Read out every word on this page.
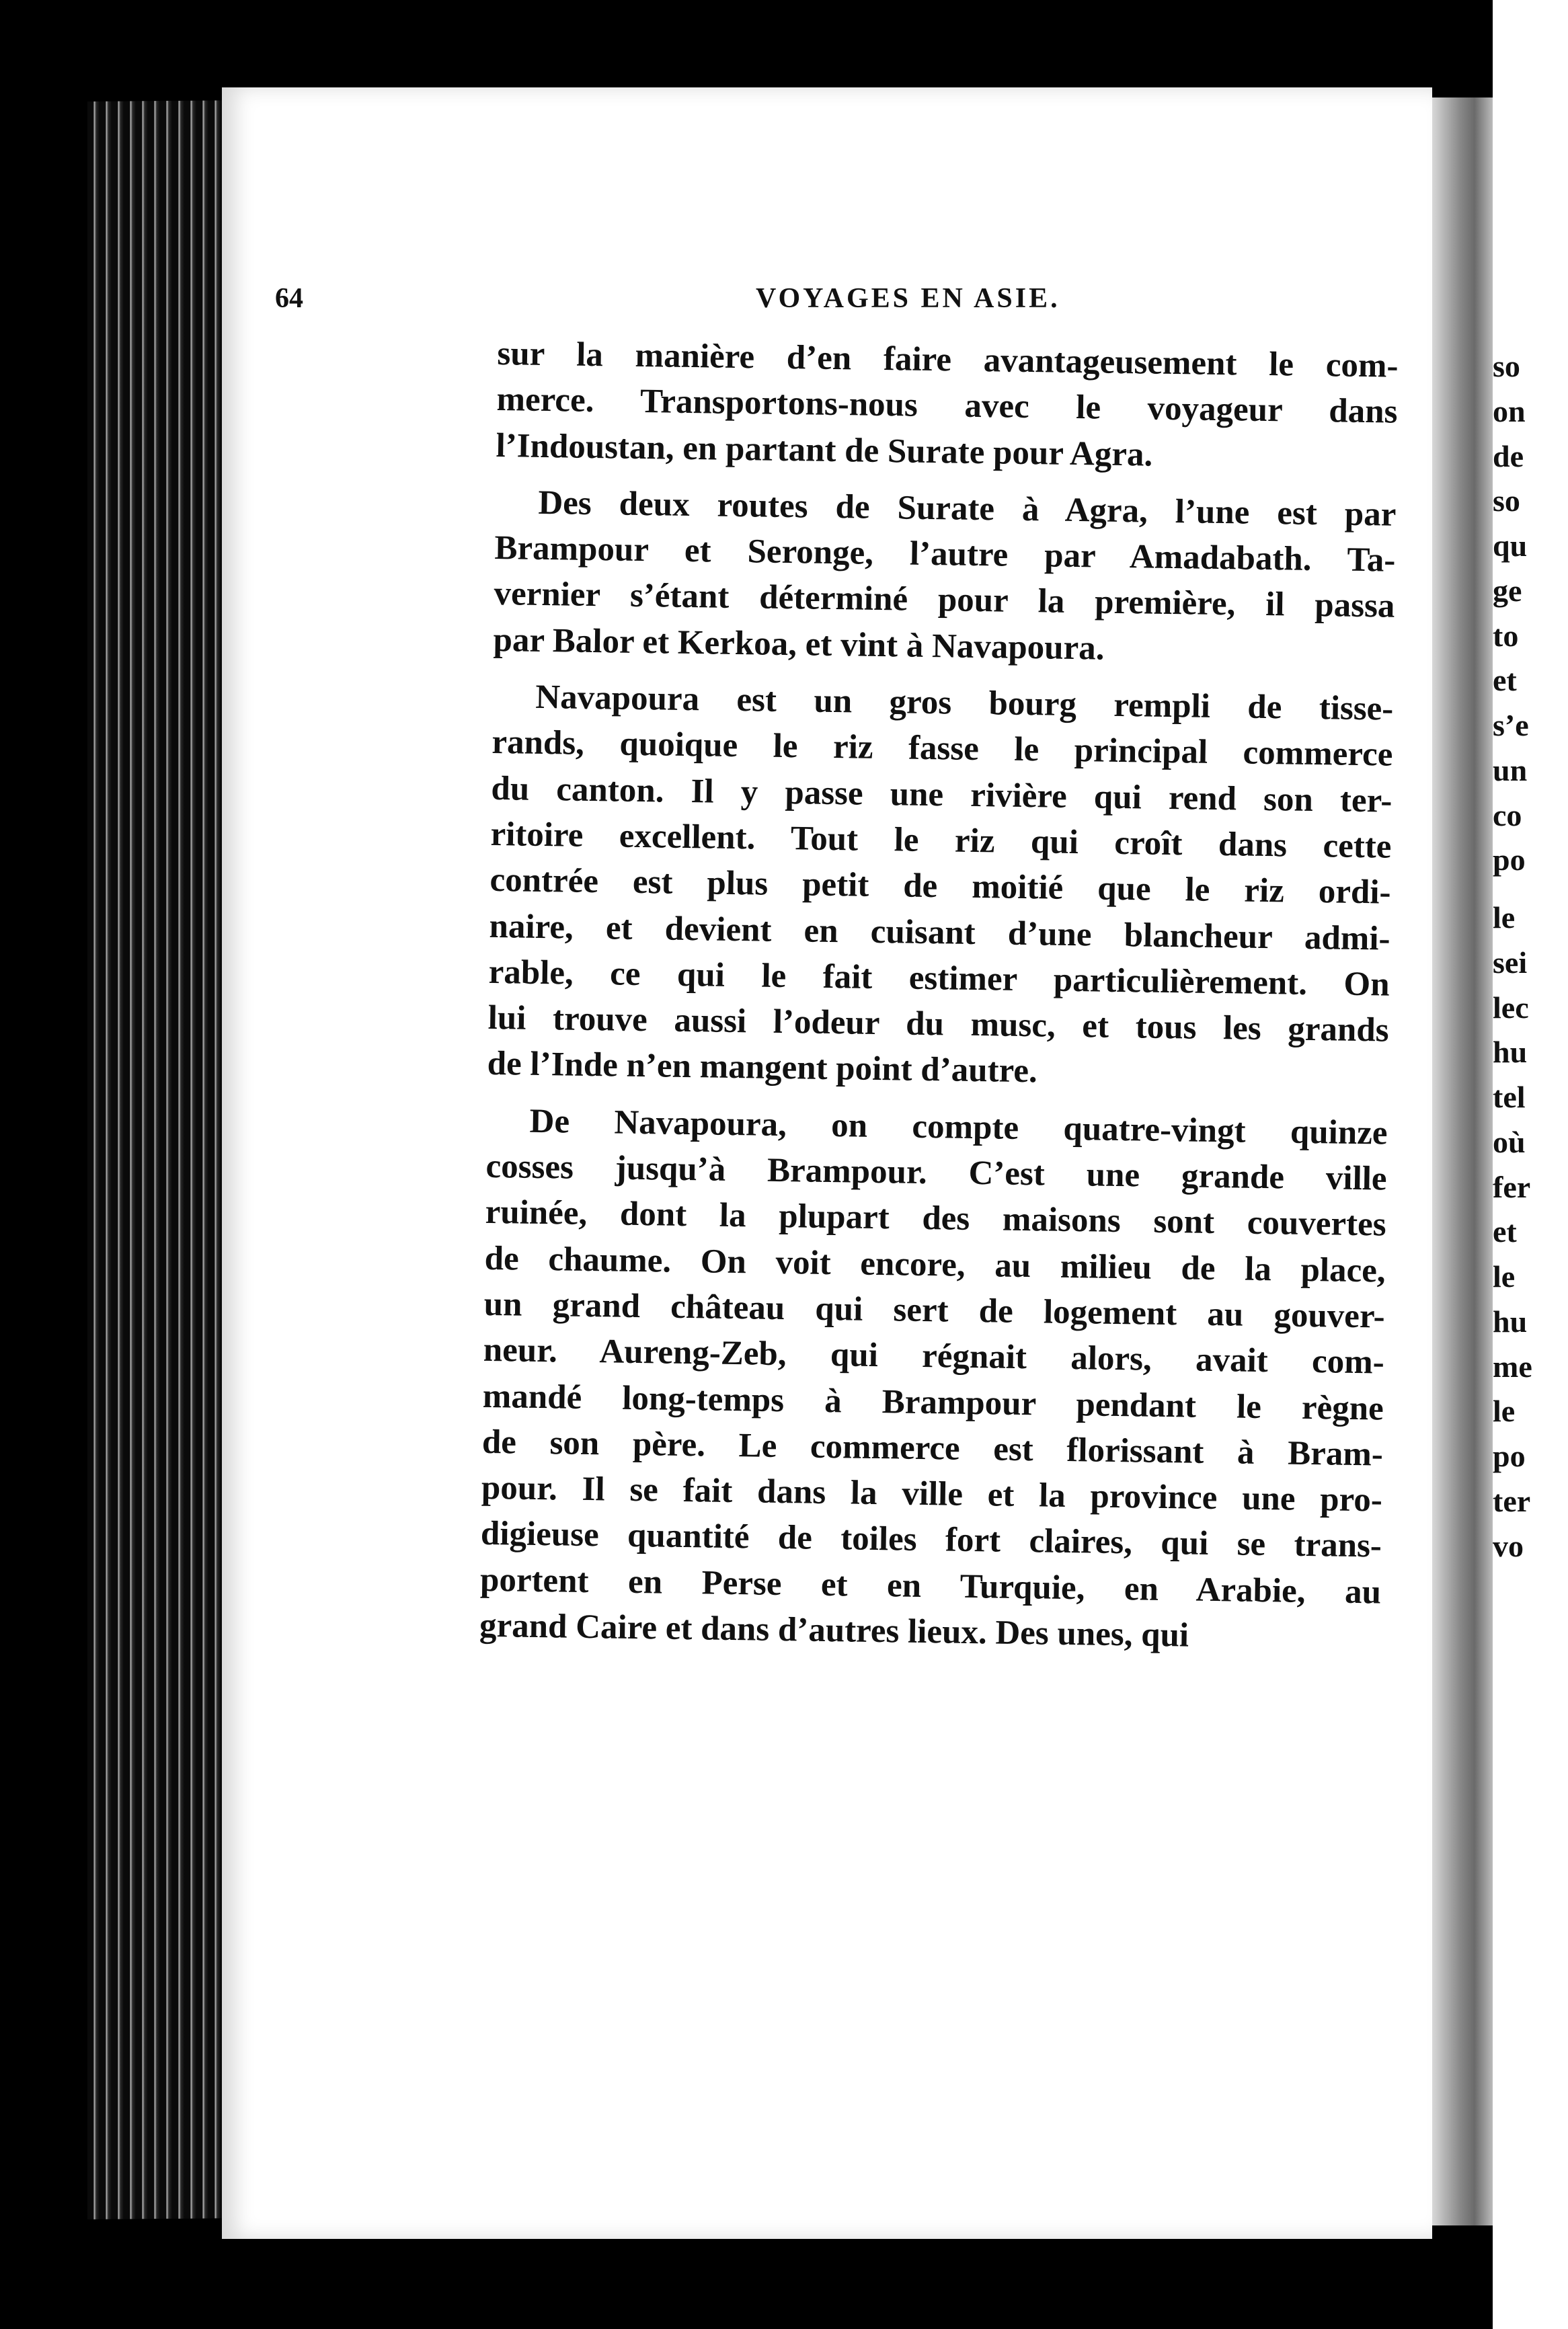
64	VOYAGES EN ASIE.
sur la manière d’en faire avantageusement le com-
merce. Transportons-nous avec le voyageur dans
l’Indoustan, en partant de Surate pour Agra.
Des deux routes de Surate à Agra, l’une est par
Brampour et Seronge, l’autre par Amadabath. Ta-
vernier s’étant déterminé pour la première, il passa
par Balor et Kerkoa, et vint à Navapoura.
Navapoura est un gros bourg rempli de tisse-
rands, quoique le riz fasse le principal commerce
du canton. Il y passe une rivière qui rend son ter-
ritoire excellent. Tout le riz qui croît dans cette
contrée est plus petit de moitié que le riz ordi-
naire, et devient en cuisant d’une blancheur admi-
rable, ce qui le fait estimer particulièrement. On
lui trouve aussi l’odeur du musc, et tous les grands
de l’Inde n’en mangent point d’autre.
De Navapoura, on compte quatre-vingt quinze
cosses jusqu’à Brampour. C’est une grande ville
ruinée, dont la plupart des maisons sont couvertes
de chaume. On voit encore, au milieu de la place,
un grand château qui sert de logement au gouver-
neur. Aureng-Zeb, qui régnait alors, avait com-
mandé long-temps à Brampour pendant le règne
de son père. Le commerce est florissant à Bram-
pour. Il se fait dans la ville et la province une pro-
digieuse quantité de toiles fort claires, qui se trans-
portent en Perse et en Turquie, en Arabie, au
grand Caire et dans d’autres lieux. Des unes, qui
so
on
de
so
qu
ge
to
et
s’e
un
co
po
le
sei
lec
hu
tel
où
fer
et
le
hu
me
le
po
ter
vo
